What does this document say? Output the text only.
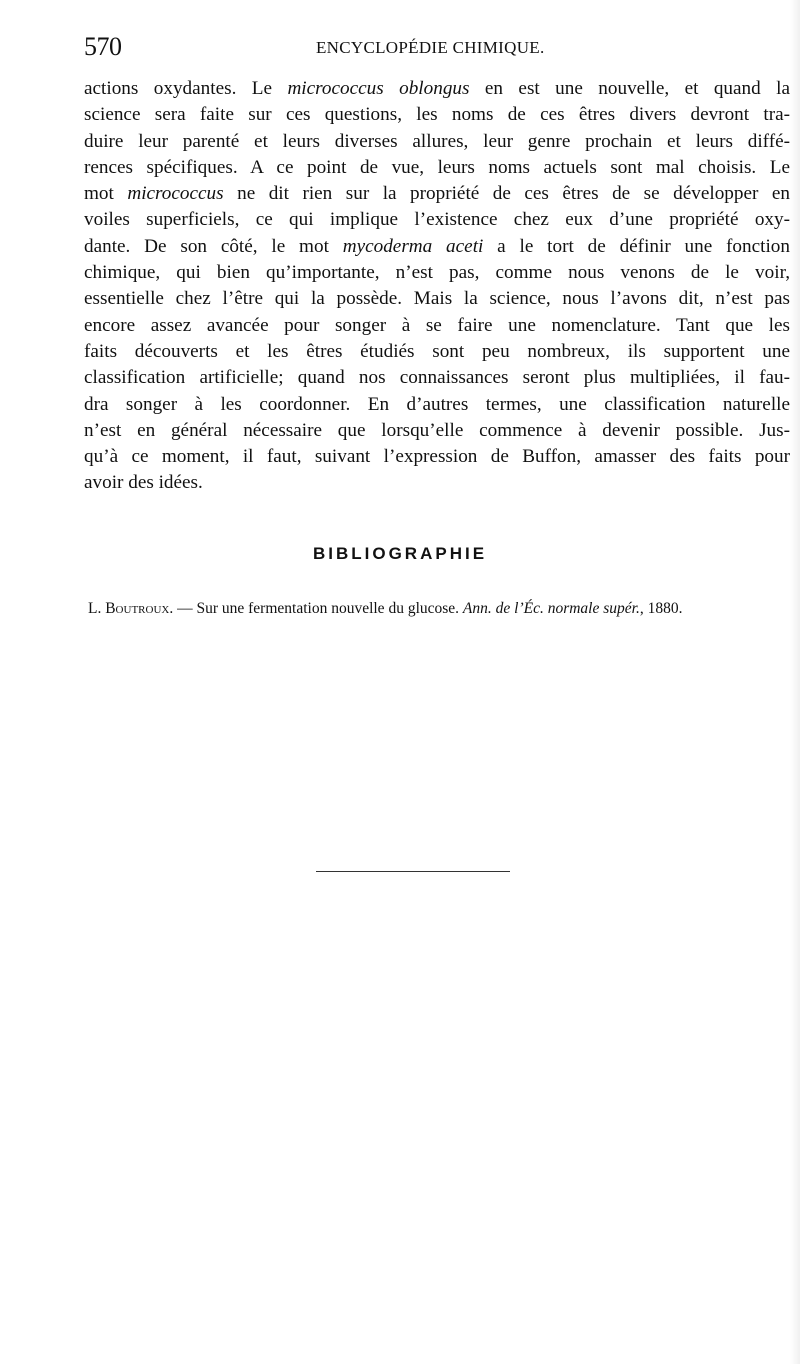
570	ENCYCLOPÉDIE CHIMIQUE.
actions oxydantes. Le micrococcus oblongus en est une nouvelle, et quand la
science sera faite sur ces questions, les noms de ces êtres divers devront tra-
duire leur parenté et leurs diverses allures, leur genre prochain et leurs diffé-
rences spécifiques. A ce point de vue, leurs noms actuels sont mal choisis. Le
mot micrococcus ne dit rien sur la propriété de ces êtres de se développer en
voiles superficiels, ce qui implique l’existence chez eux d’une propriété oxy-
dante. De son côté, le mot mycoderma aceti a le tort de définir une fonction
chimique, qui bien qu’importante, n’est pas, comme nous venons de le voir,
essentielle chez l’être qui la possède. Mais la science, nous l’avons dit, n’est pas
encore assez avancée pour songer à se faire une nomenclature. Tant que les
faits découverts et les êtres étudiés sont peu nombreux, ils supportent une
classification artificielle; quand nos connaissances seront plus multipliées, il fau-
dra songer à les coordonner. En d’autres termes, une classification naturelle
n’est en général nécessaire que lorsqu’elle commence à devenir possible. Jus-
qu’à ce moment, il faut, suivant l’expression de Buffon, amasser des faits pour
avoir des idées.
BIBLIOGRAPHIE
L. Boutroux. — Sur une fermentation nouvelle du glucose. Ann. de l’Éc. normale supér., 1880.
